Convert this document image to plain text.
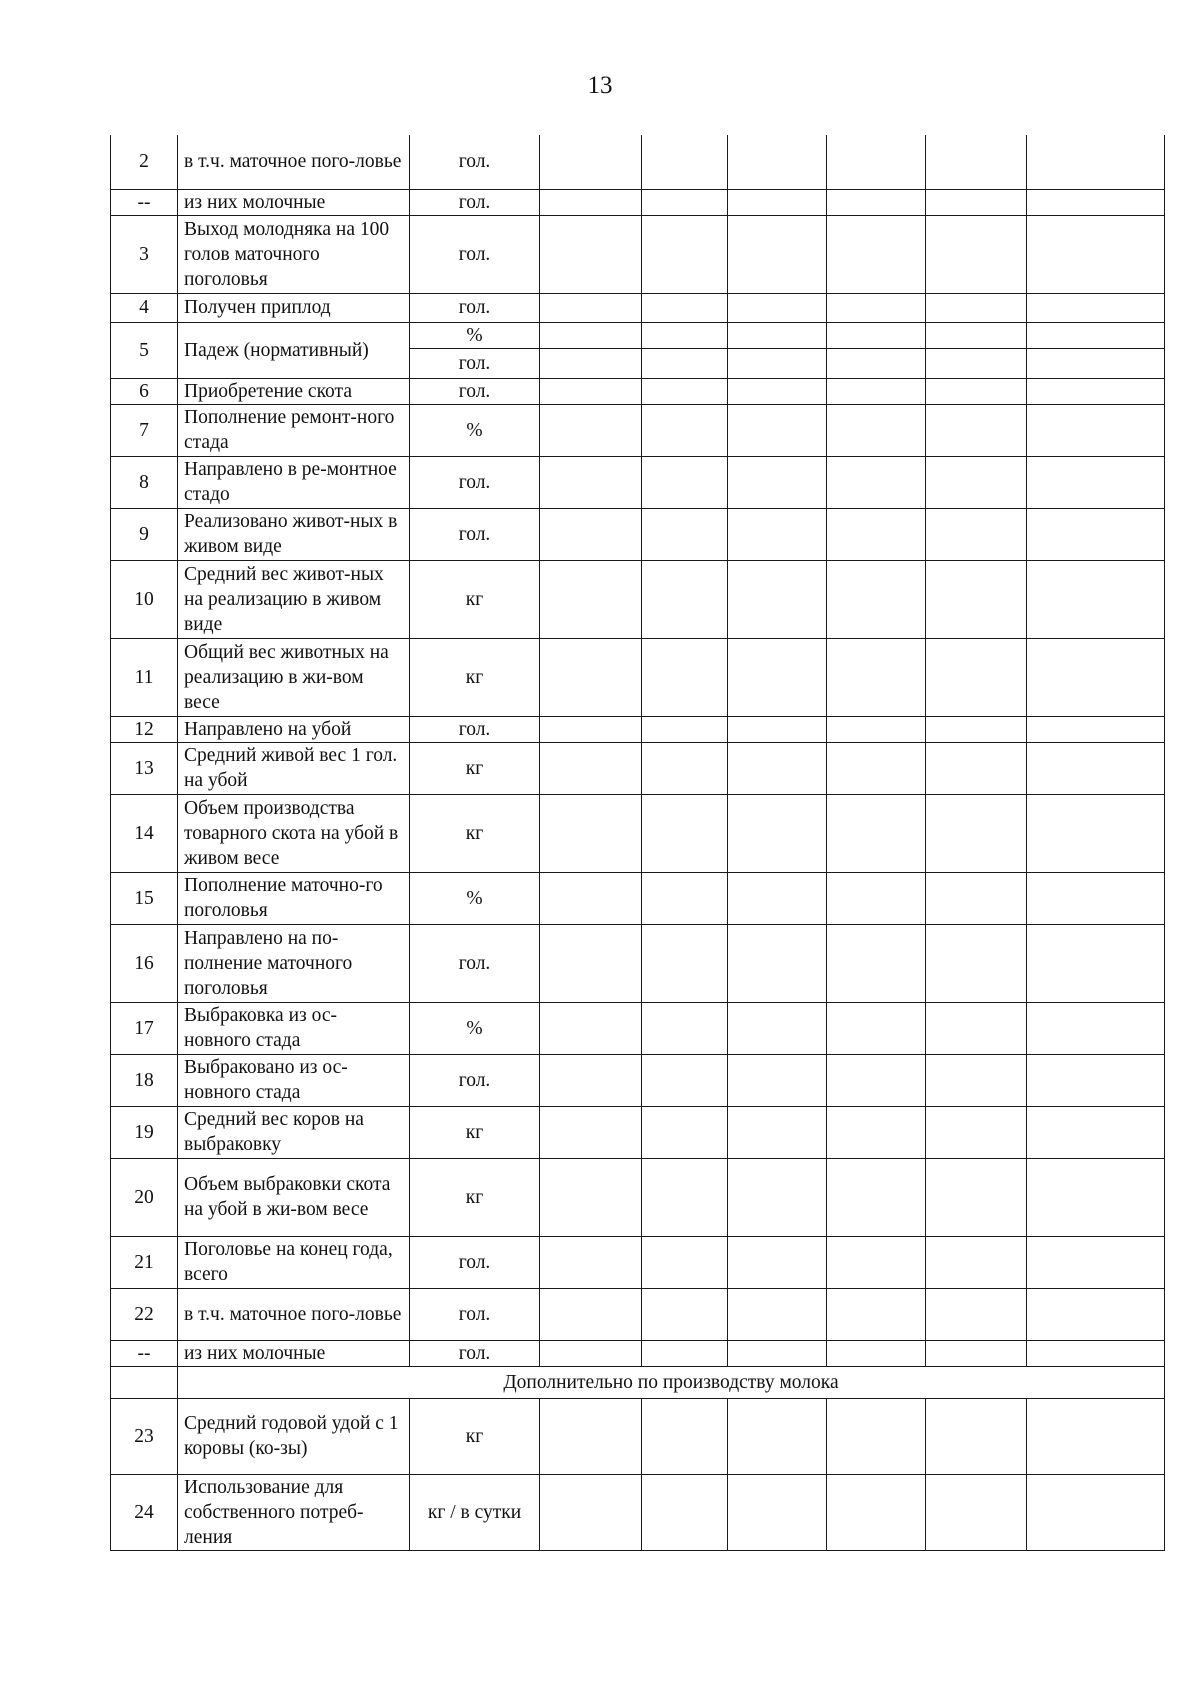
13
2	в т.ч. маточное пого-ловье	гол.						
--	из них молочные	гол.						
3	Выход молодняка на 100 голов маточного поголовья	гол.						
4	Получен приплод	гол.						
5	Падеж (нормативный)	%						
		гол.						
6	Приобретение скота	гол.						
7	Пополнение ремонт-ного стада	%						
8	Направлено в ре-монтное стадо	гол.						
9	Реализовано живот-ных в живом виде	гол.						
10	Средний вес живот-ных на реализацию в живом виде	кг						
11	Общий вес животных на реализацию в жи-вом весе	кг						
12	Направлено на убой	гол.						
13	Средний живой вес 1 гол. на убой	кг						
14	Объем производства товарного скота на убой в живом весе	кг						
15	Пополнение маточно-го поголовья	%						
16	Направлено на по-полнение маточного поголовья	гол.						
17	Выбраковка из ос-новного стада	%						
18	Выбраковано из ос-новного стада	гол.						
19	Средний вес коров на выбраковку	кг						
20	Объем выбраковки скота на убой в жи-вом весе	кг						
21	Поголовье на конец года, всего	гол.						
22	в т.ч. маточное пого-ловье	гол.						
--	из них молочные	гол.						
	Дополнительно по производству молока							
23	Средний годовой удой с 1 коровы (ко-зы)	кг						
24	Использование для собственного потреб-ления	кг / в сутки						
